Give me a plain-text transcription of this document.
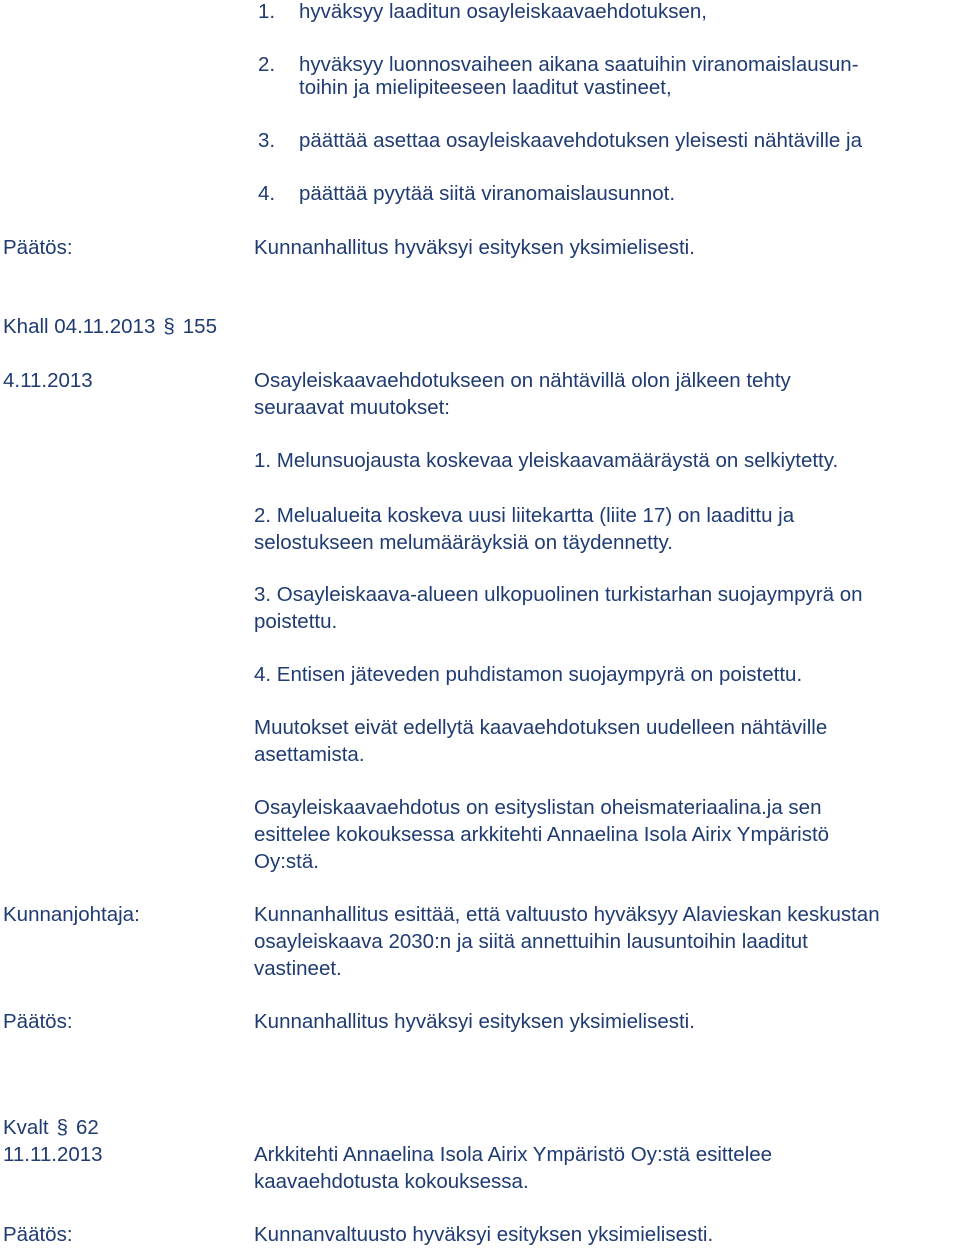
1. hyväksyy laaditun osayleiskaavaehdotuksen,

2. hyväksyy luonnosvaiheen aikana saatuihin viranomaislausun-

toihin ja mielipiteeseen laaditut vastineet,

3. päättää asettaa osayleiskaavehdotuksen yleisesti nähtäville ja

4. päättää pyytää siitä viranomaislausunnot.

Päätös:	Kunnanhallitus hyväksyi esityksen yksimielisesti.

Khall 04.11.2013 § 155

4.11.2013	Osayleiskaavaehdotukseen on nähtävillä olon jälkeen tehty

seuraavat muutokset:

1. Melunsuojausta koskevaa yleiskaavamääräystä on selkiytetty.

2. Melualueita koskeva uusi liitekartta (liite 17) on laadittu ja

selostukseen melumääräyksiä on täydennetty.

3. Osayleiskaava-alueen ulkopuolinen turkistarhan suojaympyrä on

poistettu.

4. Entisen jäteveden puhdistamon suojaympyrä on poistettu.

Muutokset eivät edellytä kaavaehdotuksen uudelleen nähtäville

asettamista.

Osayleiskaavaehdotus on esityslistan oheismateriaalina.ja sen

esittelee kokouksessa arkkitehti Annaelina Isola Airix Ympäristö

Oy:stä.

Kunnanjohtaja:	Kunnanhallitus esittää, että valtuusto hyväksyy Alavieskan keskustan

osayleiskaava 2030:n ja siitä annettuihin lausuntoihin laaditut

vastineet.

Päätös:	Kunnanhallitus hyväksyi esityksen yksimielisesti.

Kvalt § 62

11.11.2013	Arkkitehti Annaelina Isola Airix Ympäristö Oy:stä esittelee

kaavaehdotusta kokouksessa.

Päätös:	Kunnanvaltuusto hyväksyi esityksen yksimielisesti.
